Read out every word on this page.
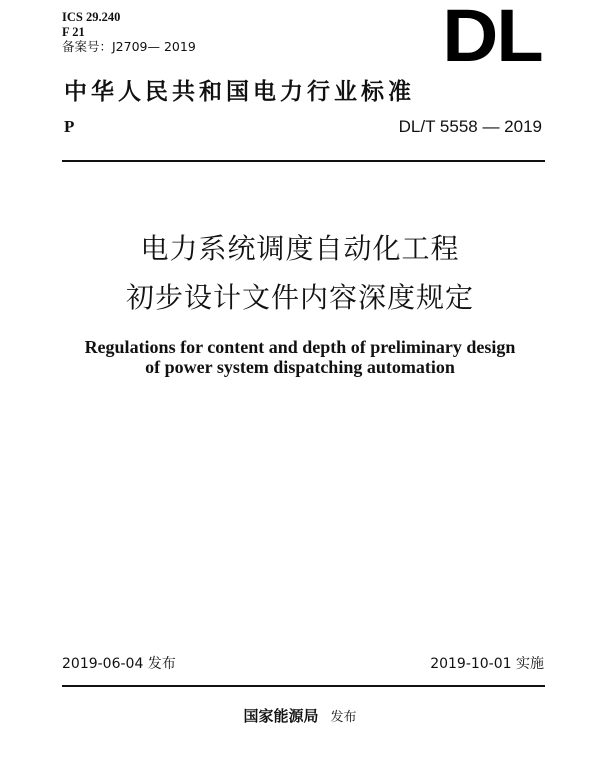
ICS 29.240
F 21
备案号：J2709— 2019	DL
中华人民共和国电力行业标准
P	DL/T 5558 — 2019
电力系统调度自动化工程
初步设计文件内容深度规定
Regulations for content and depth of preliminary design
of power system dispatching automation
2019-06-04 发布	2019-10-01 实施
国家能源局 发布
